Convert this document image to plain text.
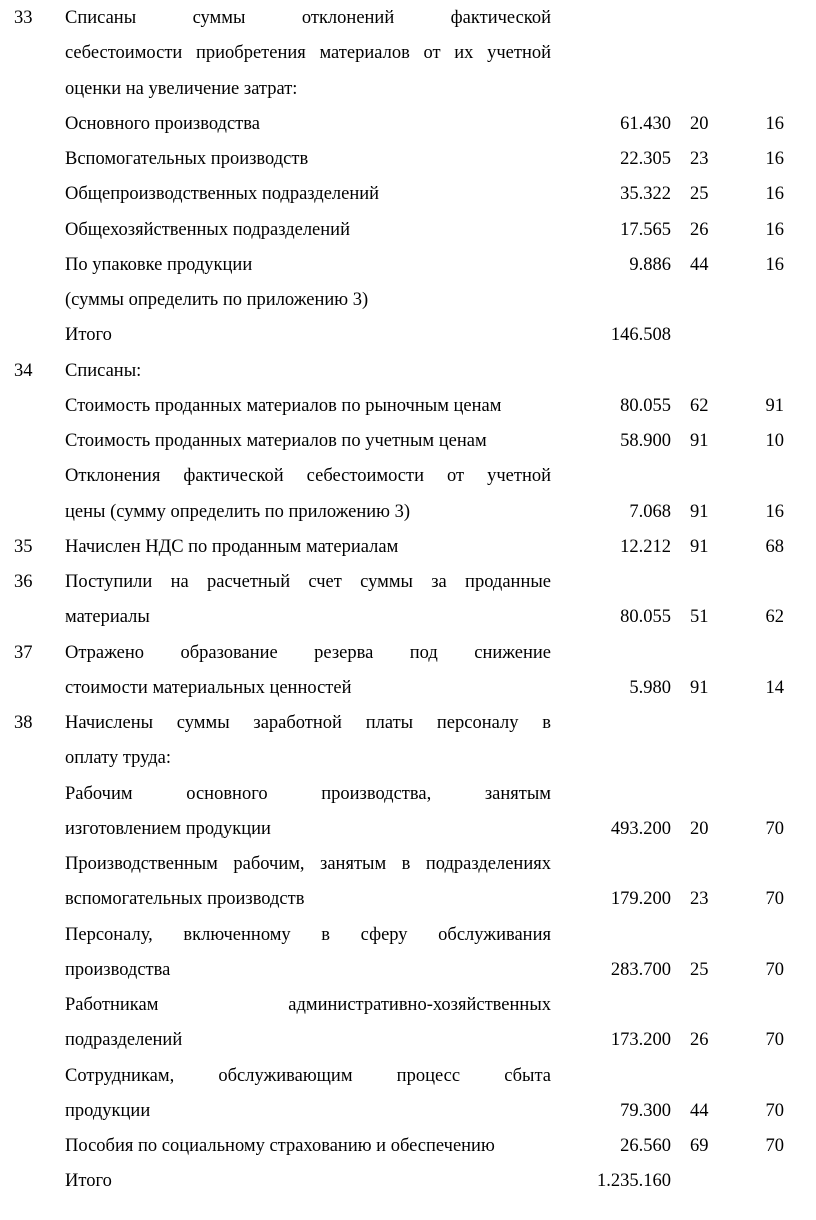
33	Списаны суммы отклонений фактической
себестоимости приобретения материалов от их учетной
оценки на увеличение затрат:
Основного производства	61.430 20	16
Вспомогательных производств	22.305 23	16
Общепроизводственных подразделений	35.322 25	16
Общехозяйственных подразделений	17.565 26	16
По упаковке продукции	9.886 44	16
(суммы определить по приложению 3)
Итого	146.508
34	Списаны:
Стоимость проданных материалов по рыночным ценам	80.055 62	91
Стоимость проданных материалов по учетным ценам	58.900 91	10
Отклонения фактической себестоимости от учетной
цены (сумму определить по приложению 3)	7.068 91	16
35	Начислен НДС по проданным материалам	12.212 91	68
36	Поступили на расчетный счет суммы за проданные
материалы	80.055 51	62
37	Отражено образование резерва под снижение
стоимости материальных ценностей	5.980 91	14
38	Начислены суммы заработной платы персоналу в
оплату труда:
Рабочим основного производства, занятым
изготовлением продукции	493.200 20	70
Производственным рабочим, занятым в подразделениях
вспомогательных производств	179.200 23	70
Персоналу, включенному в сферу обслуживания
производства	283.700 25	70
Работникам административно-хозяйственных
подразделений	173.200 26	70
Сотрудникам, обслуживающим процесс сбыта
продукции	79.300 44	70
Пособия по социальному страхованию и обеспечению	26.560 69	70
Итого	1.235.160
